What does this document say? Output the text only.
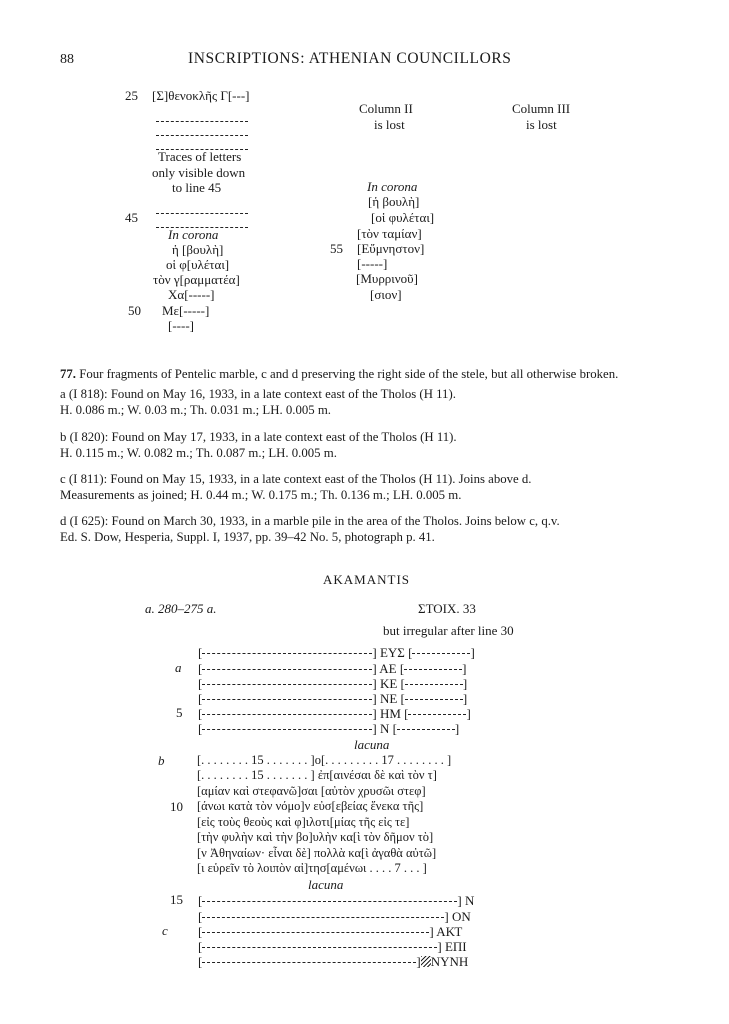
88	INSCRIPTIONS: ATHENIAN COUNCILLORS
25 [Σ]θενοκλῆς Γ[---]
Traces of letters
only visible down
to line 45
45
In corona
ἡ [βουλὴ]
οἱ φ[υλέται]
τὸν γ[ραμματέα]
Χα[-----]
50 Με[-----]
[----]
Column II
is lost
In corona
[ἡ βουλὴ]
[οἱ φυλέται]
[τὸν ταμίαν]
55 [Εὔμνηστον]
[-----]
[Μυρρινοῦ]
[σιον]
Column III
is lost
77. Four fragments of Pentelic marble, c and d preserving the right side of the stele, but all otherwise broken.
a (I 818): Found on May 16, 1933, in a late context east of the Tholos (H 11).
H. 0.086 m.; W. 0.03 m.; Th. 0.031 m.; LH. 0.005 m.
b (I 820): Found on May 17, 1933, in a late context east of the Tholos (H 11).
H. 0.115 m.; W. 0.082 m.; Th. 0.087 m.; LH. 0.005 m.
c (I 811): Found on May 15, 1933, in a late context east of the Tholos (H 11). Joins above d.
Measurements as joined; H. 0.44 m.; W. 0.175 m.; Th. 0.136 m.; LH. 0.005 m.
d (I 625): Found on March 30, 1933, in a marble pile in the area of the Tholos. Joins below c, q.v.
Ed. S. Dow, Hesperia, Suppl. I, 1937, pp. 39–42 No. 5, photograph p. 41.
AKAMANTIS
a. 280–275 a.	ΣΤΟΙΧ. 33
but irregular after line 30
[	] ΕΥΣ [	]
a [	] ΑΕ [	]
[	] ΚΕ [	]
[	] ΝΕ [	]
5 [	] ΗΜ [	]
[	] Ν [	]
lacuna
b	[. . . . . . . . 15 . . . . . . . ]ο[. . . . . . . . . 17 . . . . . . . . ]
[. . . . . . . . 15 . . . . . . . ] ἐπ[αινέσαι δὲ καὶ τὸν τ]
[αμίαν καὶ στεφανῶ]σαι [αὐτὸν χρυσῶι στεφ]
10 [άνωι κατὰ τὸν νόμο]ν εὐσ[εβείας ἕνεκα τῆς]
[εἰς τοὺς θεοὺς καὶ φ]ιλοτι[μίας τῆς εἰς τε]
[τὴν φυλὴν καὶ τὴν βο]υλὴν κα[ὶ τὸν δῆμον τὸ]
[ν Ἀθηναίων· εἶναι δὲ] πολλὰ κα[ὶ ἀγαθὰ αὐτῶ]
[ι εὑρεῖν τὸ λοιπὸν αἰ]τησ[αμένωι . . . . 7 . . . ]
lacuna
15 [	] Ν
[	] ΟΝ
c [	] ΑΚΤ
[	] ΕΠΙ
[	] ΝΥΝΗ
